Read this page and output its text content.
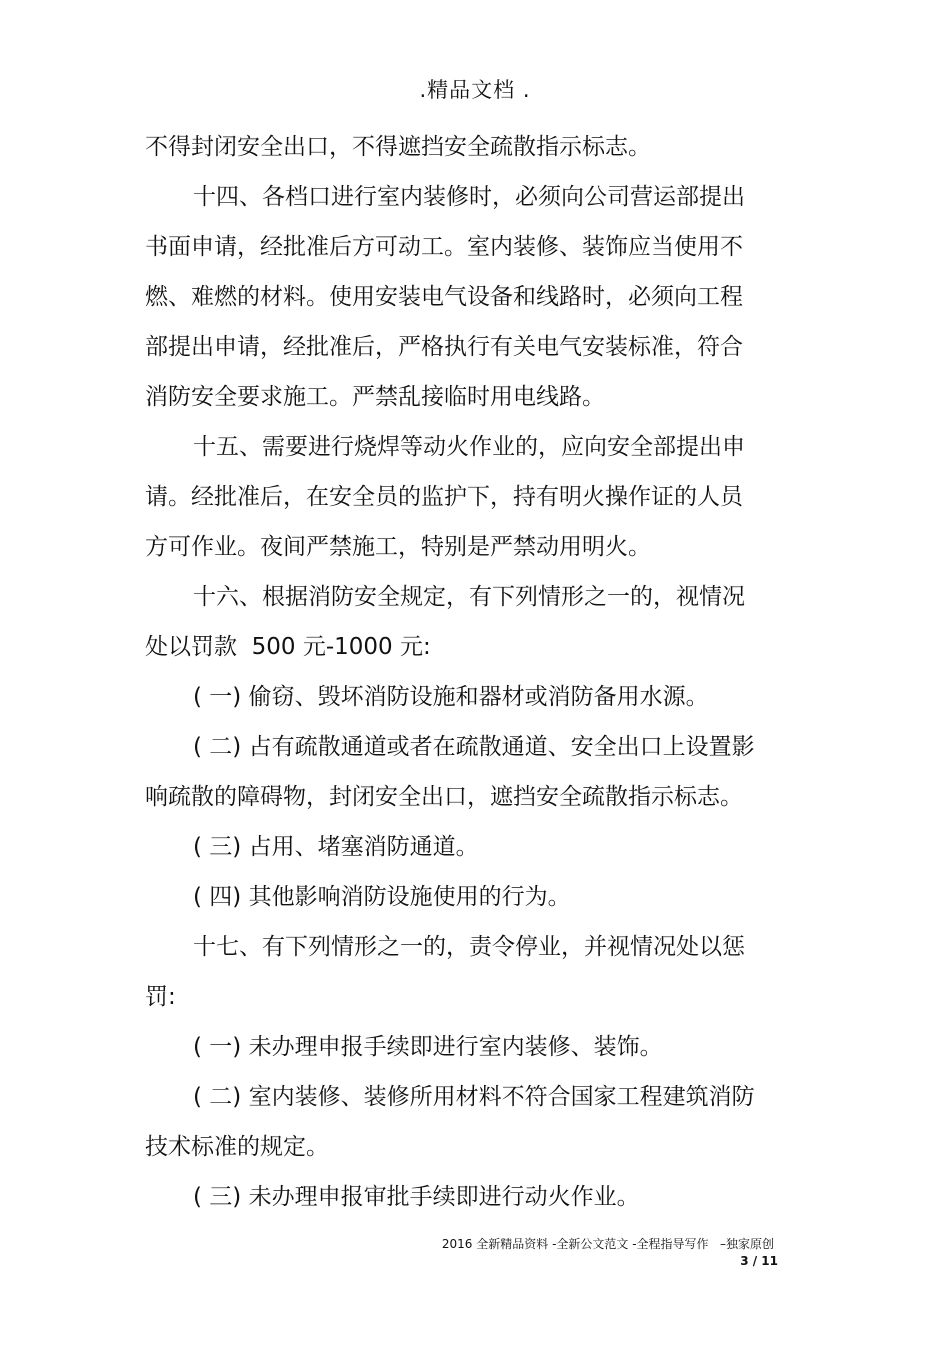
.精品文档 .
不得封闭安全出口，不得遮挡安全疏散指示标志。
十四、各档口进行室内装修时，必须向公司营运部提出
书面申请，经批准后方可动工。室内装修、装饰应当使用不
燃、难燃的材料。使用安装电气设备和线路时，必须向工程
部提出申请，经批准后，严格执行有关电气安装标准，符合
消防安全要求施工。严禁乱接临时用电线路。
十五、需要进行烧焊等动火作业的，应向安全部提出申
请。经批准后，在安全员的监护下，持有明火操作证的人员
方可作业。夜间严禁施工，特别是严禁动用明火。
十六、根据消防安全规定，有下列情形之一的，视情况
处以罚款  500 元-1000 元:
( 一) 偷窃、毁坏消防设施和器材或消防备用水源。
( 二) 占有疏散通道或者在疏散通道、安全出口上设置影
响疏散的障碍物，封闭安全出口，遮挡安全疏散指示标志。
( 三) 占用、堵塞消防通道。
( 四) 其他影响消防设施使用的行为。
十七、有下列情形之一的，责令停业，并视情况处以惩
罚:
( 一) 未办理申报手续即进行室内装修、装饰。
( 二) 室内装修、装修所用材料不符合国家工程建筑消防
技术标准的规定。
( 三) 未办理申报审批手续即进行动火作业。
2016 全新精品资料 -全新公文范文 -全程指导写作   –独家原创
3 / 11
